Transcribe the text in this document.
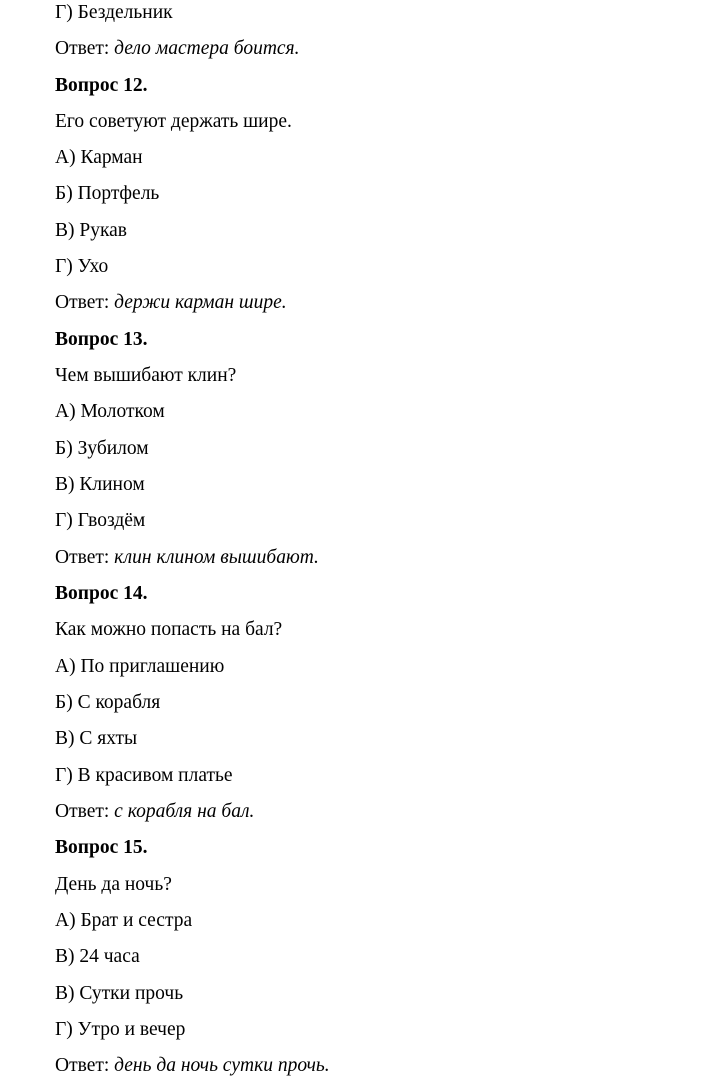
Г) Бездельник
Ответ: дело мастера боится.
Вопрос 12.
Его советуют держать шире.
А) Карман
Б) Портфель
В) Рукав
Г) Ухо
Ответ: держи карман шире.
Вопрос 13.
Чем вышибают клин?
А) Молотком
Б) Зубилом
В) Клином
Г) Гвоздём
Ответ: клин клином вышибают.
Вопрос 14.
Как можно попасть на бал?
А) По приглашению
Б) С корабля
В) С яхты
Г) В красивом платье
Ответ: с корабля на бал.
Вопрос 15.
День да ночь?
А) Брат и сестра
В) 24 часа
В) Сутки прочь
Г) Утро и вечер
Ответ: день да ночь сутки прочь.
